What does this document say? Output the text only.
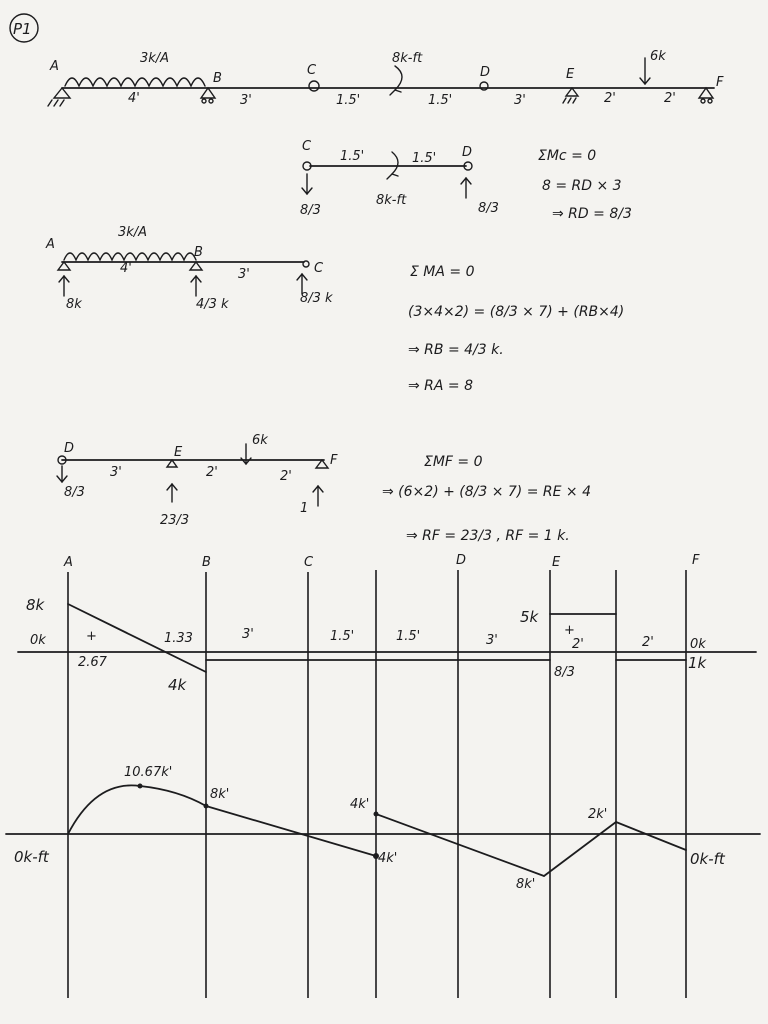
P1
A
B
C	D	E
F
3k/A	8k-ft	6k
4'	3'	1.5'	1.5'	3'	2'	2'
C	D
1.5'	1.5'
8k-ft
8/3	8/3
ΣMc = 0
8 = RD × 3
⇒ RD = 8/3
3k/A
A
B
C
4'	3'
8k	4/3 k	8/3 k
Σ MA = 0
(3×4×2) = (8/3 × 7) + (RB×4)
⇒ RB = 4/3 k.
⇒ RA = 8
D	E
F
3'	2'	2'
6k
8/3
23/3
1
ΣMF = 0
⇒ (6×2) + (8/3 × 7) = RE × 4
⇒ RF = 23/3 , RF = 1 k.
A	B	C	D	E	F
8k
0k	0k
+	+
2.67
1.33
4k
3'	1.5'	1.5'	3'	2'	2'
5k
8/3
1k
10.67k'
8k'
4k'
4k'
8k'
2k'
0k-ft	0k-ft
